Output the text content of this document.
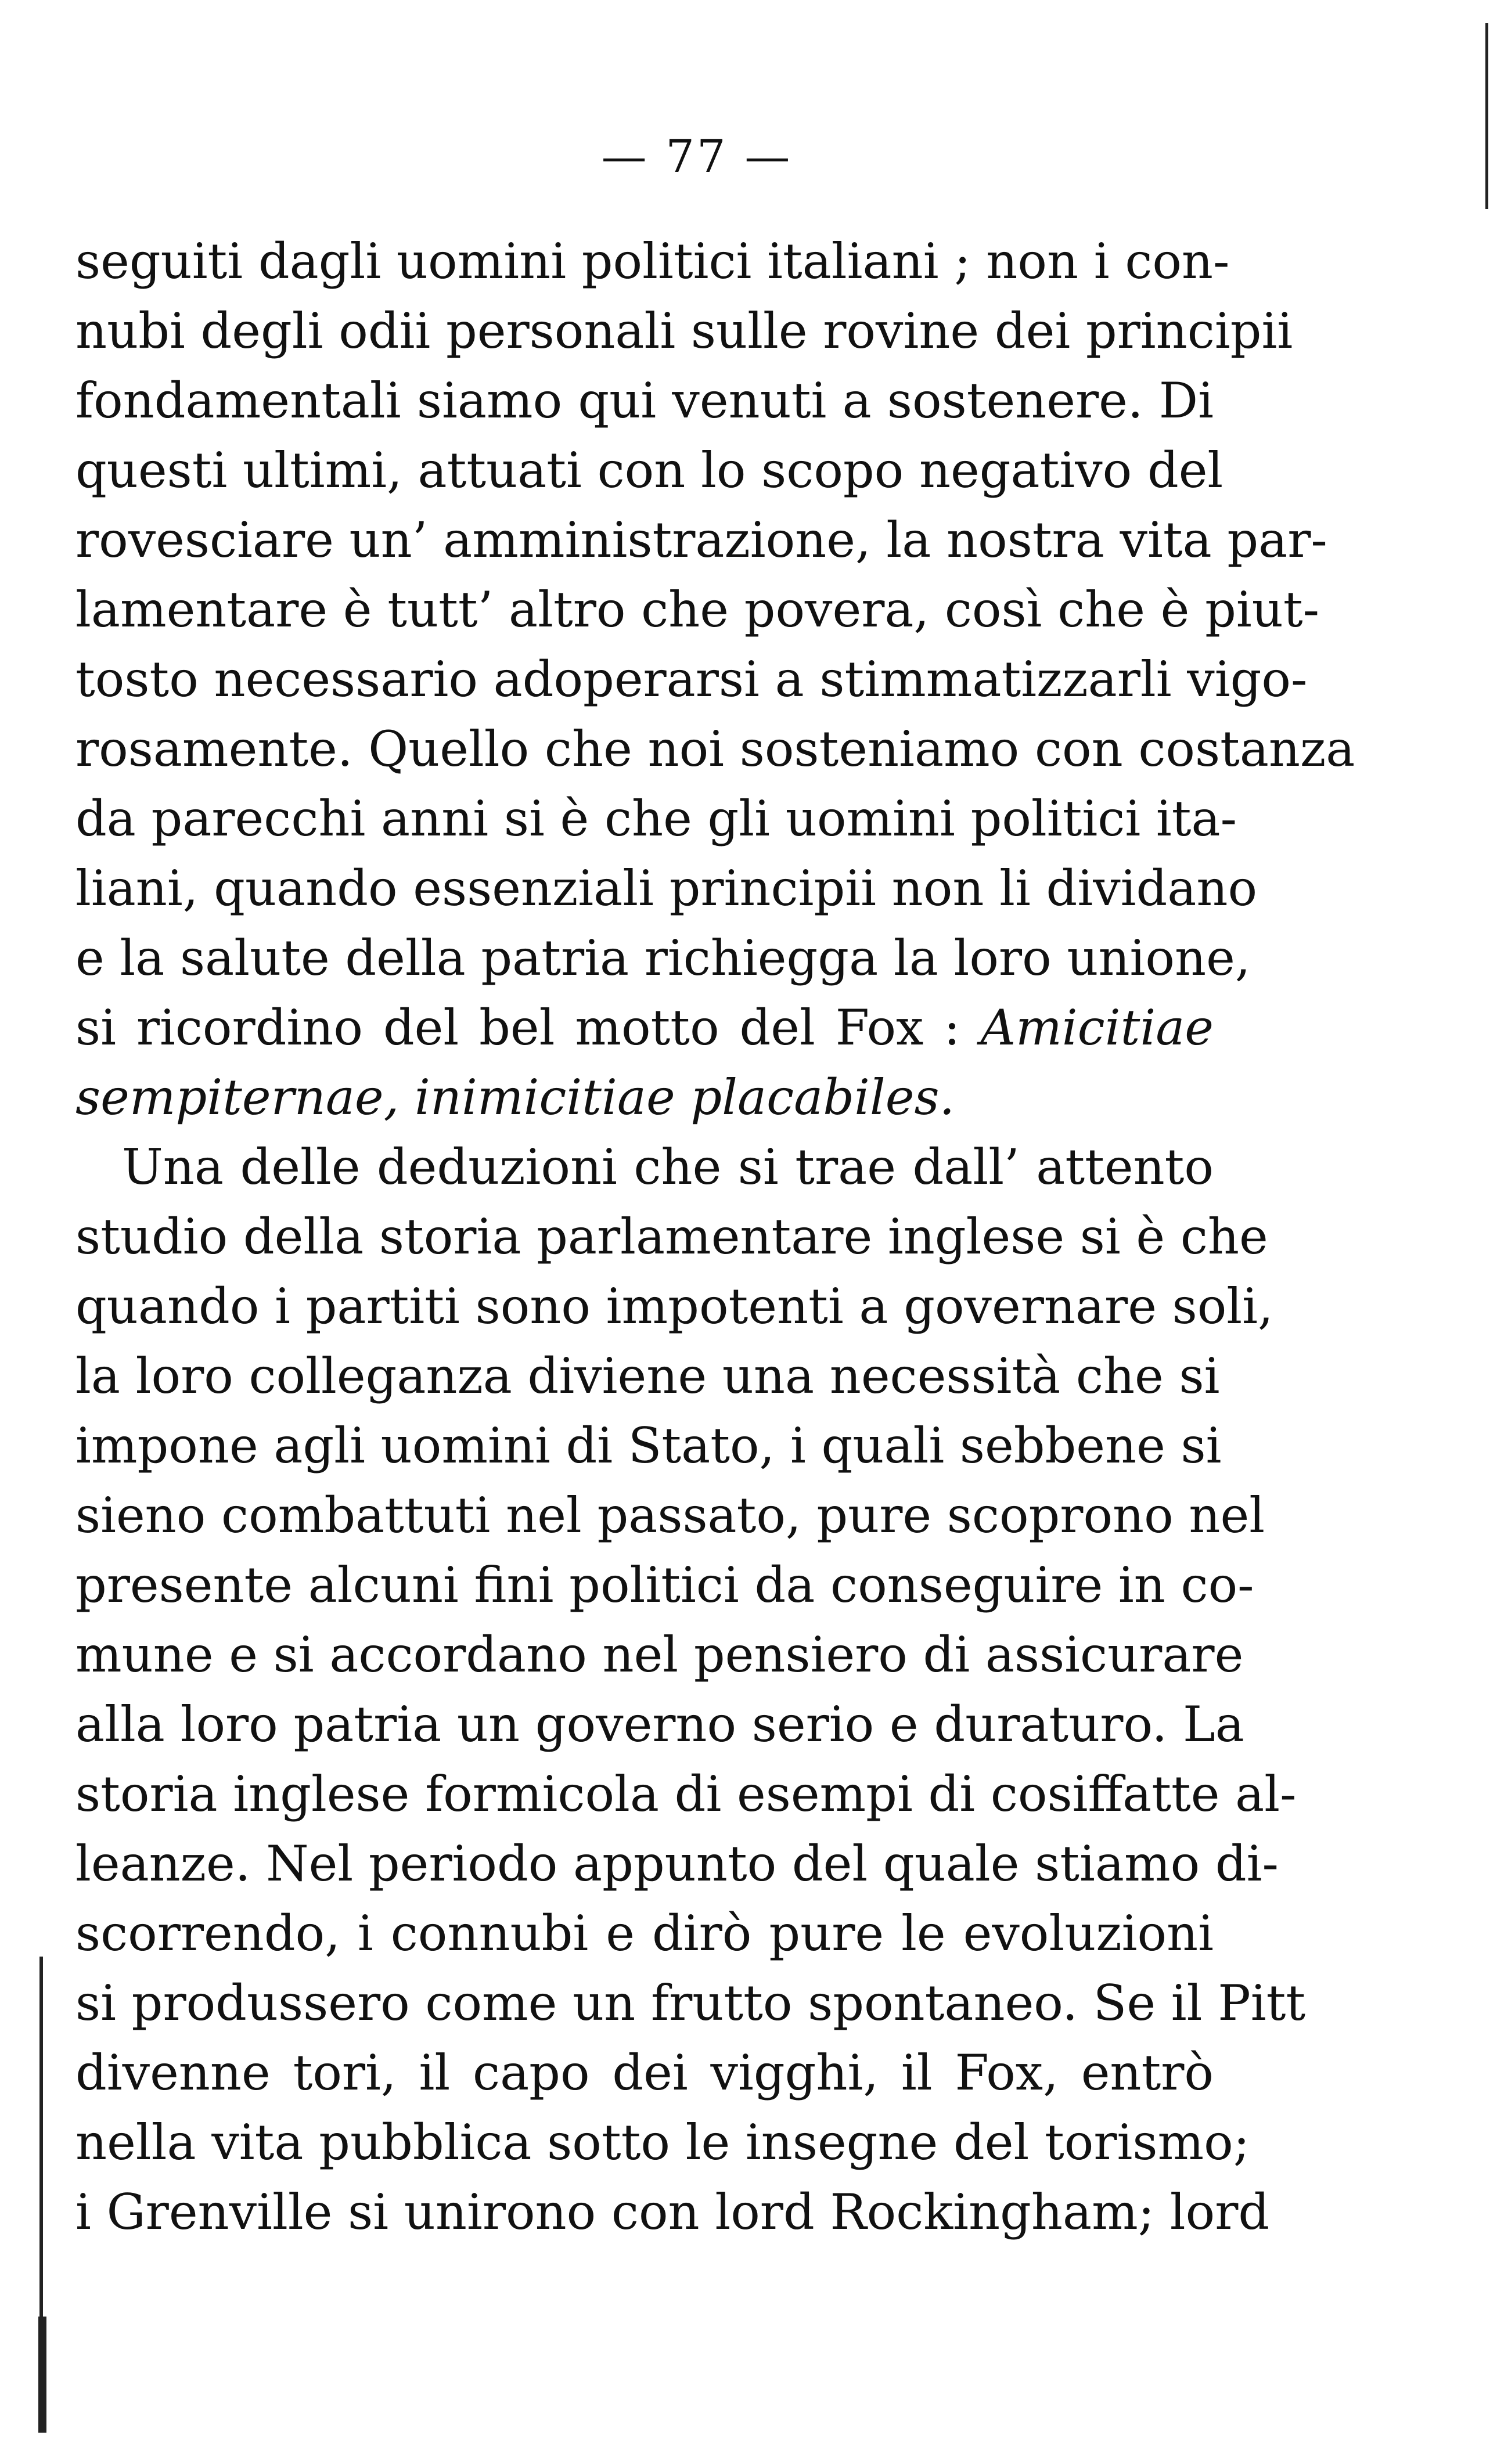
— 77 —
seguiti dagli uomini politici italiani ; non i con-
nubi degli odii personali sulle rovine dei principii
fondamentali siamo qui venuti a sostenere. Di
questi ultimi, attuati con lo scopo negativo del
rovesciare un’ amministrazione, la nostra vita par-
lamentare è tutt’ altro che povera, così che è piut-
tosto necessario adoperarsi a stimmatizzarli vigo-
rosamente. Quello che noi sosteniamo con costanza
da parecchi anni si è che gli uomini politici ita-
liani, quando essenziali principii non li dividano
e la salute della patria richiegga la loro unione,
si ricordino del bel motto del Fox : Amicitiae
sempiternae, inimicitiae placabiles.
Una delle deduzioni che si trae dall’ attento
studio della storia parlamentare inglese si è che
quando i partiti sono impotenti a governare soli,
la loro colleganza diviene una necessità che si
impone agli uomini di Stato, i quali sebbene si
sieno combattuti nel passato, pure scoprono nel
presente alcuni fini politici da conseguire in co-
mune e si accordano nel pensiero di assicurare
alla loro patria un governo serio e duraturo. La
storia inglese formicola di esempi di cosiffatte al-
leanze. Nel periodo appunto del quale stiamo di-
scorrendo, i connubi e dirò pure le evoluzioni
si produssero come un frutto spontaneo. Se il Pitt
divenne tori, il capo dei vigghi, il Fox, entrò
nella vita pubblica sotto le insegne del torismo;
i Grenville si unirono con lord Rockingham; lord
